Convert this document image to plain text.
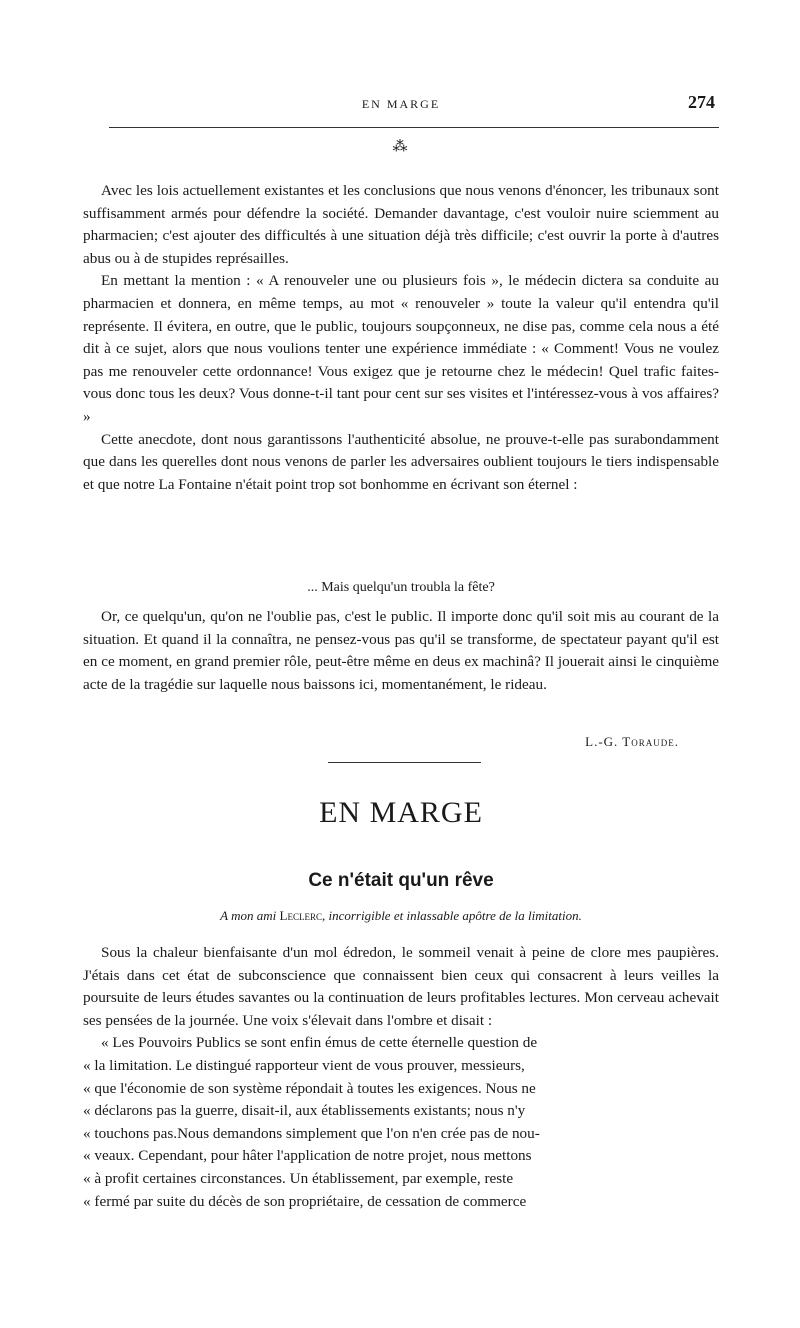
EN MARGE	274
⁂

Avec les lois actuellement existantes et les conclusions que nous venons d'énoncer, les tribunaux sont suffisamment armés pour défendre la société. Demander davantage, c'est vouloir nuire sciemment au pharmacien; c'est ajouter des difficultés à une situation déjà très difficile; c'est ouvrir la porte à d'autres abus ou à de stupides représailles.

En mettant la mention : « A renouveler une ou plusieurs fois », le médecin dictera sa conduite au pharmacien et donnera, en même temps, au mot « renouveler » toute la valeur qu'il entendra qu'il représente. Il évitera, en outre, que le public, toujours soupçonneux, ne dise pas, comme cela nous a été dit à ce sujet, alors que nous voulions tenter une expérience immédiate : « Comment! Vous ne voulez pas me renouveler cette ordonnance! Vous exigez que je retourne chez le médecin! Quel trafic faites-vous donc tous les deux? Vous donne-t-il tant pour cent sur ses visites et l'intéressez-vous à vos affaires? »

Cette anecdote, dont nous garantissons l'authenticité absolue, ne prouve-t-elle pas surabondamment que dans les querelles dont nous venons de parler les adversaires oublient toujours le tiers indispensable et que notre La Fontaine n'était point trop sot bonhomme en écrivant son éternel :

... Mais quelqu'un troubla la fête?

Or, ce quelqu'un, qu'on ne l'oublie pas, c'est le public. Il importe donc qu'il soit mis au courant de la situation. Et quand il la connaîtra, ne pensez-vous pas qu'il se transforme, de spectateur payant qu'il est en ce moment, en grand premier rôle, peut-être même en deus ex machinâ? Il jouerait ainsi le cinquième acte de la tragédie sur laquelle nous baissons ici, momentanément, le rideau.

L.-G. Toraude.
EN MARGE
Ce n'était qu'un rêve
A mon ami Leclerc, incorrigible et inlassable apôtre de la limitation.

Sous la chaleur bienfaisante d'un mol édredon, le sommeil venait à peine de clore mes paupières. J'étais dans cet état de subconscience que connaissent bien ceux qui consacrent à leurs veilles la poursuite de leurs études savantes ou la continuation de leurs profitables lectures. Mon cerveau achevait ses pensées de la journée. Une voix s'élevait dans l'ombre et disait :

« Les Pouvoirs Publics se sont enfin émus de cette éternelle question de

« la limitation. Le distingué rapporteur vient de vous prouver, messieurs,
« que l'économie de son système répondait à toutes les exigences. Nous ne
« déclarons pas la guerre, disait-il, aux établissements existants; nous n'y
« touchons pas.Nous demandons simplement que l'on n'en crée pas de nou-
« veaux. Cependant, pour hâter l'application de notre projet, nous mettons
« à profit certaines circonstances. Un établissement, par exemple, reste
« fermé par suite du décès de son propriétaire, de cessation de commerce
